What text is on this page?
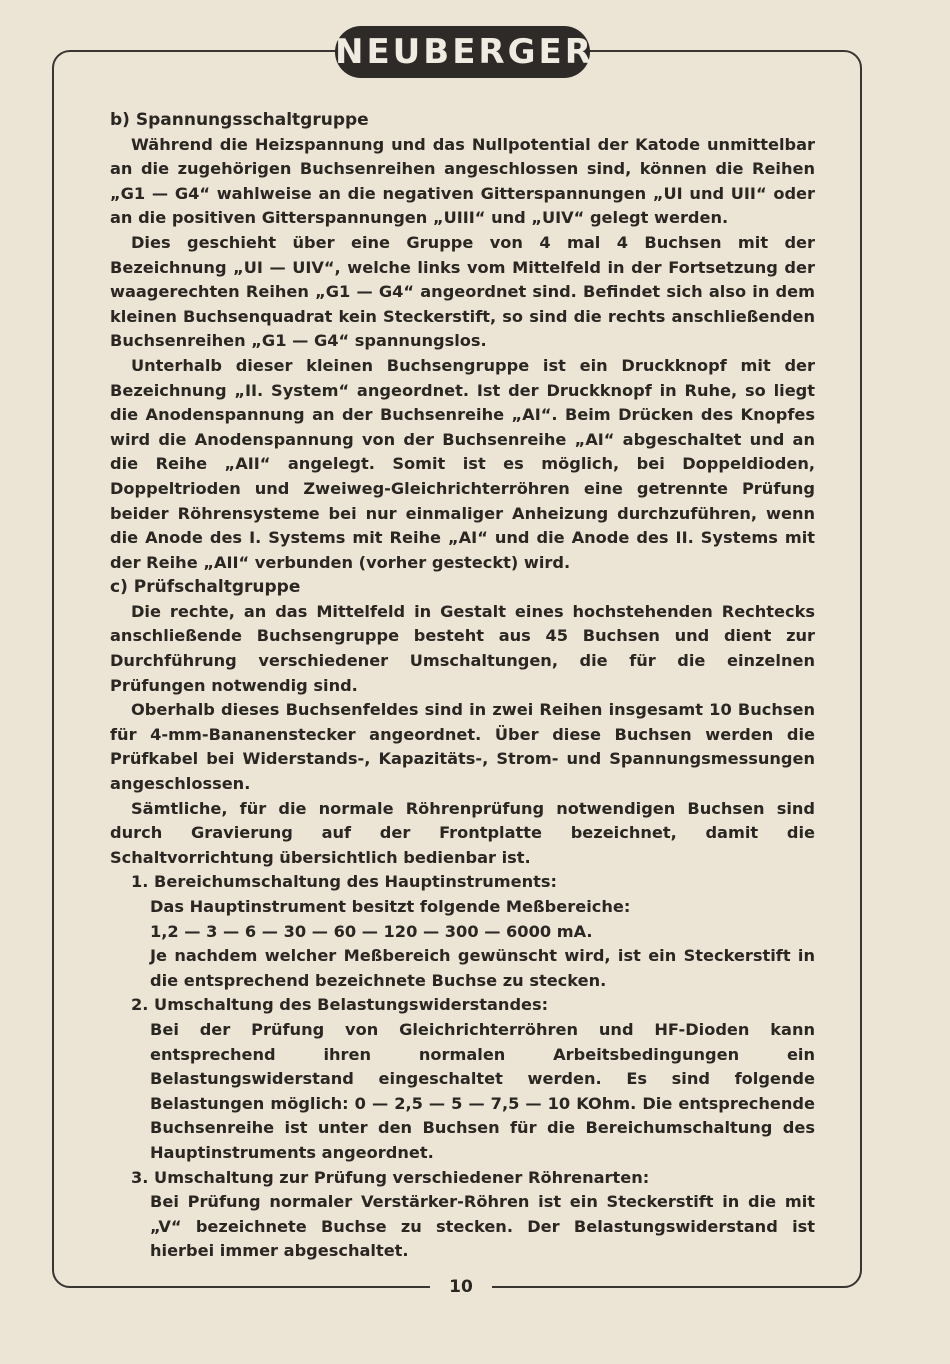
NEUBERGER
10

b) Spannungsschaltgruppe

Während die Heizspannung und das Nullpotential der Katode unmittelbar an die zugehörigen Buchsenreihen angeschlossen sind, können die Reihen „G1 — G4“ wahlweise an die negativen Gitterspannungen „UI und UII“ oder an die positiven Gitterspannungen „UIII“ und „UIV“ gelegt werden.

Dies geschieht über eine Gruppe von 4 mal 4 Buchsen mit der Bezeichnung „UI — UIV“, welche links vom Mittelfeld in der Fortsetzung der waagerechten Reihen „G1 — G4“ angeordnet sind. Befindet sich also in dem kleinen Buchsenquadrat kein Steckerstift, so sind die rechts anschließenden Buchsenreihen „G1 — G4“ spannungslos.

Unterhalb dieser kleinen Buchsengruppe ist ein Druckknopf mit der Bezeichnung „II. System“ angeordnet. Ist der Druckknopf in Ruhe, so liegt die Anodenspannung an der Buchsenreihe „AI“. Beim Drücken des Knopfes wird die Anodenspannung von der Buchsenreihe „AI“ abgeschaltet und an die Reihe „AII“ angelegt. Somit ist es möglich, bei Doppeldioden, Doppeltrioden und Zweiweg-Gleichrichterröhren eine getrennte Prüfung beider Röhrensysteme bei nur einmaliger Anheizung durchzuführen, wenn die Anode des I. Systems mit Reihe „AI“ und die Anode des II. Systems mit der Reihe „AII“ verbunden (vorher gesteckt) wird.

c) Prüfschaltgruppe

Die rechte, an das Mittelfeld in Gestalt eines hochstehenden Rechtecks anschließende Buchsengruppe besteht aus 45 Buchsen und dient zur Durchführung verschiedener Umschaltungen, die für die einzelnen Prüfungen notwendig sind.

Oberhalb dieses Buchsenfeldes sind in zwei Reihen insgesamt 10 Buchsen für 4-mm-Bananenstecker angeordnet. Über diese Buchsen werden die Prüfkabel bei Widerstands-, Kapazitäts-, Strom- und Spannungsmessungen angeschlossen.

Sämtliche, für die normale Röhrenprüfung notwendigen Buchsen sind durch Gravierung auf der Frontplatte bezeichnet, damit die Schaltvorrichtung übersichtlich bedienbar ist.

1. Bereichumschaltung des Hauptinstruments:

Das Hauptinstrument besitzt folgende Meßbereiche:

1,2 — 3 — 6 — 30 — 60 — 120 — 300 — 6000 mA.

Je nachdem welcher Meßbereich gewünscht wird, ist ein Steckerstift in die entsprechend bezeichnete Buchse zu stecken.

2. Umschaltung des Belastungswiderstandes:

Bei der Prüfung von Gleichrichterröhren und HF-Dioden kann entsprechend ihren normalen Arbeitsbedingungen ein Belastungswiderstand eingeschaltet werden. Es sind folgende Belastungen möglich: 0 — 2,5 — 5 — 7,5 — 10 KOhm. Die entsprechende Buchsenreihe ist unter den Buchsen für die Bereichumschaltung des Hauptinstruments angeordnet.

3. Umschaltung zur Prüfung verschiedener Röhrenarten:

Bei Prüfung normaler Verstärker-Röhren ist ein Steckerstift in die mit „V“ bezeichnete Buchse zu stecken. Der Belastungswiderstand ist hierbei immer abgeschaltet.
